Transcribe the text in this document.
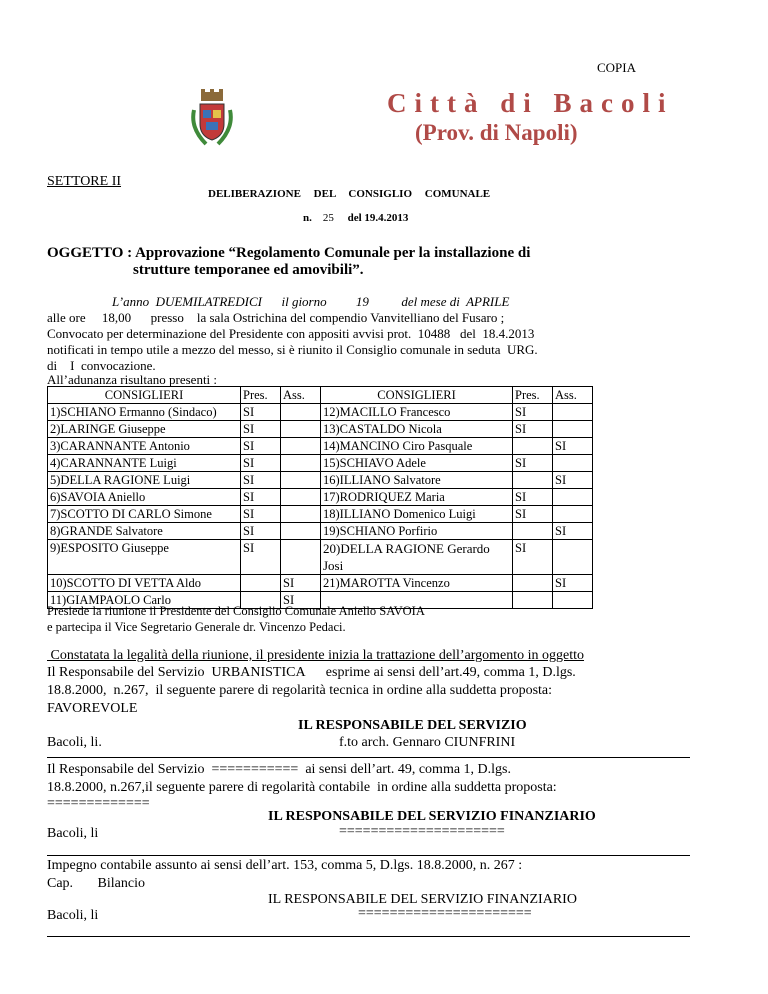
COPIA
Città di Bacoli
(Prov. di Napoli)
SETTORE II
DELIBERAZIONE DEL CONSIGLIO COMUNALE
n. 25 del 19.4.2013
OGGETTO : Approvazione “Regolamento Comunale per la installazione di
strutture temporanee ed amovibili”.
L’anno  DUEMILATREDICI      il giorno         19          del mese di  APRILE
alle ore     18,00      presso    la sala Ostrichina del compendio Vanvitelliano del Fusaro ;
Convocato per determinazione del Presidente con appositi avvisi prot.  10488   del  18.4.2013
notificati in tempo utile a mezzo del messo, si è riunito il Consiglio comunale in seduta  URG.
di    I  convocazione.
All’adunanza risultano presenti :
CONSIGLIERI	Pres.	Ass.	CONSIGLIERI	Pres.	Ass.
1)SCHIANO Ermanno (Sindaco)	SI		12)MACILLO Francesco	SI	
2)LARINGE Giuseppe	SI		13)CASTALDO Nicola	SI	
3)CARANNANTE Antonio	SI		14)MANCINO Ciro Pasquale		SI
4)CARANNANTE Luigi	SI		15)SCHIAVO Adele	SI	
5)DELLA RAGIONE Luigi	SI		16)ILLIANO Salvatore		SI
6)SAVOIA Aniello	SI		17)RODRIQUEZ Maria	SI	
7)SCOTTO DI CARLO Simone	SI		18)ILLIANO Domenico Luigi	SI	
8)GRANDE Salvatore	SI		19)SCHIANO Porfirio		SI
9)ESPOSITO Giuseppe	SI		20)DELLA RAGIONE Gerardo Josi	SI	
10)SCOTTO DI VETTA Aldo		SI	21)MAROTTA Vincenzo		SI
11)GIAMPAOLO Carlo		SI			
Presiede la riunione il Presidente del Consiglio Comunale Aniello SAVOIA
e partecipa il Vice Segretario Generale dr. Vincenzo Pedaci.
Constatata la legalità della riunione, il presidente inizia la trattazione dell’argomento in oggetto
Il Responsabile del Servizio  URBANISTICA      esprime ai sensi dell’art.49, comma 1, D.lgs.
18.8.2000,  n.267,  il seguente parere di regolarità tecnica in ordine alla suddetta proposta:
FAVOREVOLE
IL RESPONSABILE DEL SERVIZIO
Bacoli, li.	f.to arch. Gennaro CIUNFRINI
Il Responsabile del Servizio  ===========  ai sensi dell’art. 49, comma 1, D.lgs.
18.8.2000, n.267,il seguente parere di regolarità contabile  in ordine alla suddetta proposta:
=============
IL RESPONSABILE DEL SERVIZIO FINANZIARIO
Bacoli, li	=====================
Impegno contabile assunto ai sensi dell’art. 153, comma 5, D.lgs. 18.8.2000, n. 267 :
Cap.       Bilancio
IL RESPONSABILE DEL SERVIZIO FINANZIARIO
Bacoli, li	======================
